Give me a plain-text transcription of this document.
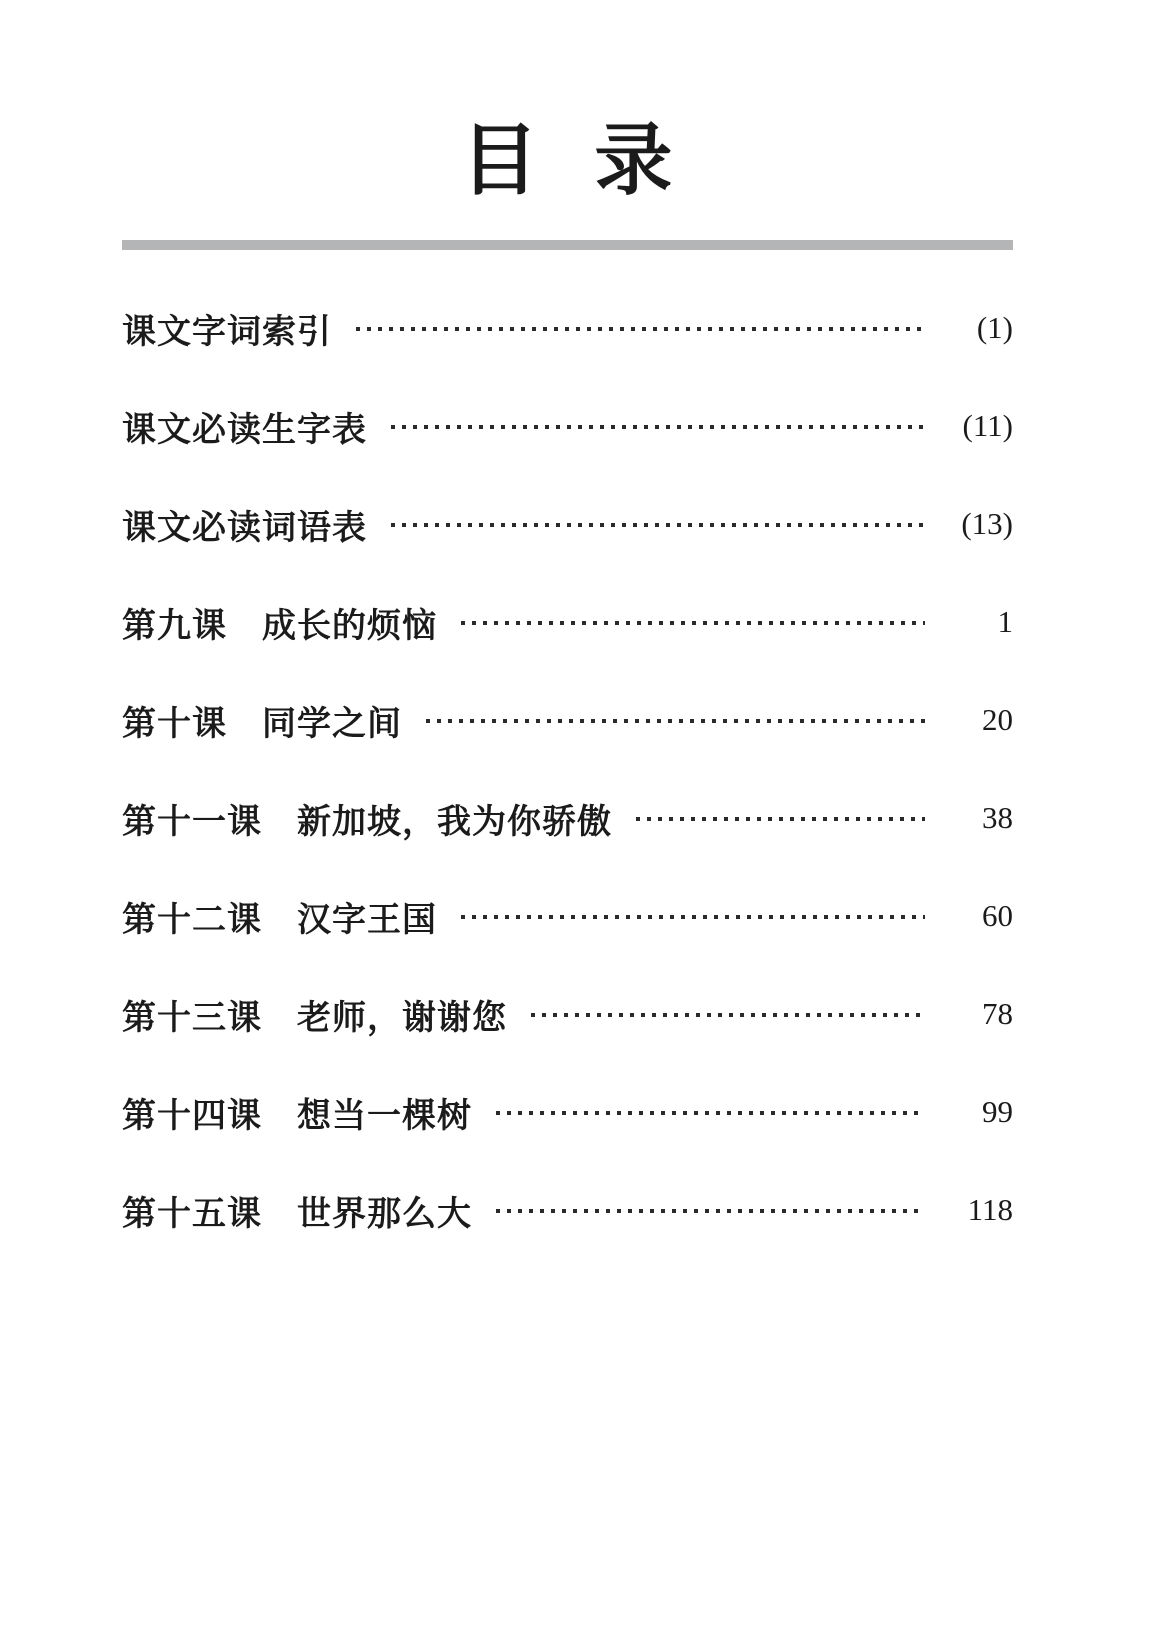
目 录
课文字词索引	(1)
课文必读生字表	(11)
课文必读词语表	(13)
第九课　成长的烦恼	1
第十课　同学之间	20
第十一课　新加坡，我为你骄傲	38
第十二课　汉字王国	60
第十三课　老师，谢谢您	78
第十四课　想当一棵树	99
第十五课　世界那么大	118
